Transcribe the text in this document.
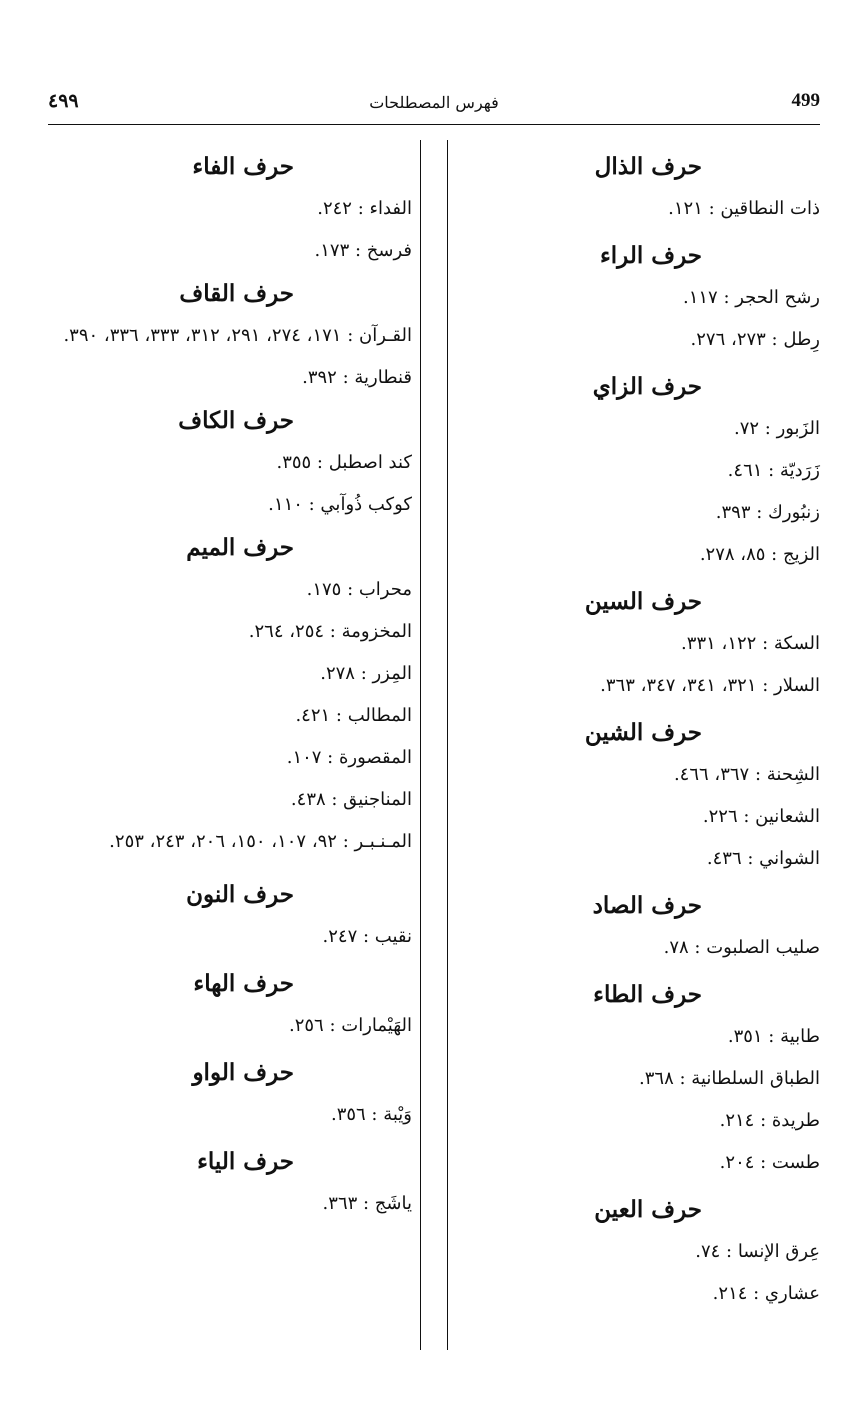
٤٩٩	فهرس المصطلحات	499
حرف الذال
ذات النطاقين : ١٢١.
حرف الراء
رشح الحجر : ١١٧.
رِطل : ٢٧٣، ٢٧٦.
حرف الزاي
الزَبور : ٧٢.
زَرَديّة : ٤٦١.
زنبُورك : ٣٩٣.
الزيج : ٨٥، ٢٧٨.
حرف السين
السكة : ١٢٢، ٣٣١.
السلار : ٣٢١، ٣٤١، ٣٤٧، ٣٦٣.
حرف الشين
الشِحنة : ٣٦٧، ٤٦٦.
الشعانين : ٢٢٦.
الشواني : ٤٣٦.
حرف الصاد
صليب الصلبوت : ٧٨.
حرف الطاء
طابية : ٣٥١.
الطباق السلطانية : ٣٦٨.
طريدة : ٢١٤.
طست : ٢٠٤.
حرف العين
عِرق الإنسا : ٧٤.
عشاري : ٢١٤.
حرف الفاء
الفداء : ٢٤٢.
فرسخ : ١٧٣.
حرف القاف
القـرآن : ١٧١، ٢٧٤، ٢٩١، ٣١٢، ٣٣٣، ٣٣٦، ٣٩٠.
قنطارية : ٣٩٢.
حرف الكاف
كند اصطبل : ٣٥٥.
كوكب ذُوآبي : ١١٠.
حرف الميم
محراب : ١٧٥.
المخزومة : ٢٥٤، ٢٦٤.
المِزر : ٢٧٨.
المطالب : ٤٢١.
المقصورة : ١٠٧.
المناجنيق : ٤٣٨.
المـنـبـر : ٩٢، ١٠٧، ١٥٠، ٢٠٦، ٢٤٣، ٢٥٣.
حرف النون
نقيب : ٢٤٧.
حرف الهاء
الهَيْمارات : ٢٥٦.
حرف الواو
وَيْبة : ٣٥٦.
حرف الياء
ياشَج : ٣٦٣.
